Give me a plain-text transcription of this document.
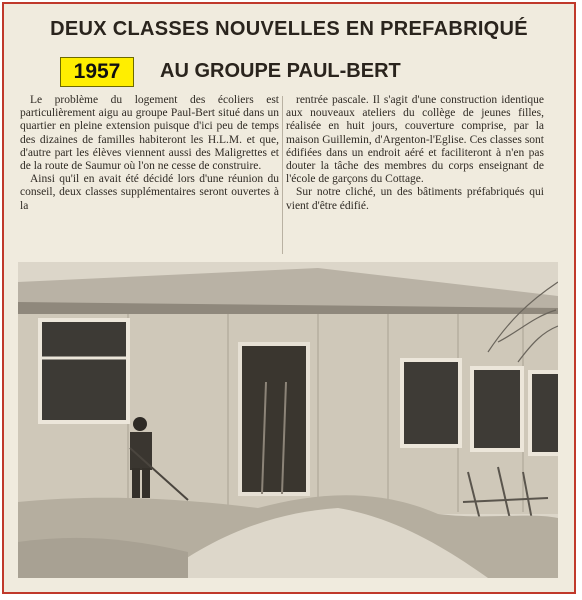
DEUX CLASSES NOUVELLES EN PREFABRIQUÉ
1957	AU GROUPE PAUL-BERT

Le problème du logement des écoliers est particulièrement aigu au groupe Paul-Bert situé dans un quartier en pleine extension puisque d'ici peu de temps des dizaines de familles habiteront les H.L.M. et que, d'autre part les élèves viennent aussi des Maligrettes et de la route de Saumur où l'on ne cesse de construire.

Ainsi qu'il en avait été décidé lors d'une réunion du conseil, deux classes supplémentaires seront ouvertes à la

rentrée pascale. Il s'agit d'une construction identique aux nouveaux ateliers du collège de jeunes filles, réalisée en huit jours, couverture comprise, par la maison Guillemin, d'Argenton-l'Eglise. Ces classes sont édifiées dans un endroit aéré et faciliteront à n'en pas douter la tâche des membres du corps enseignant de l'école de garçons du Cottage.

Sur notre cliché, un des bâtiments préfabriqués qui vient d'être édifié.
